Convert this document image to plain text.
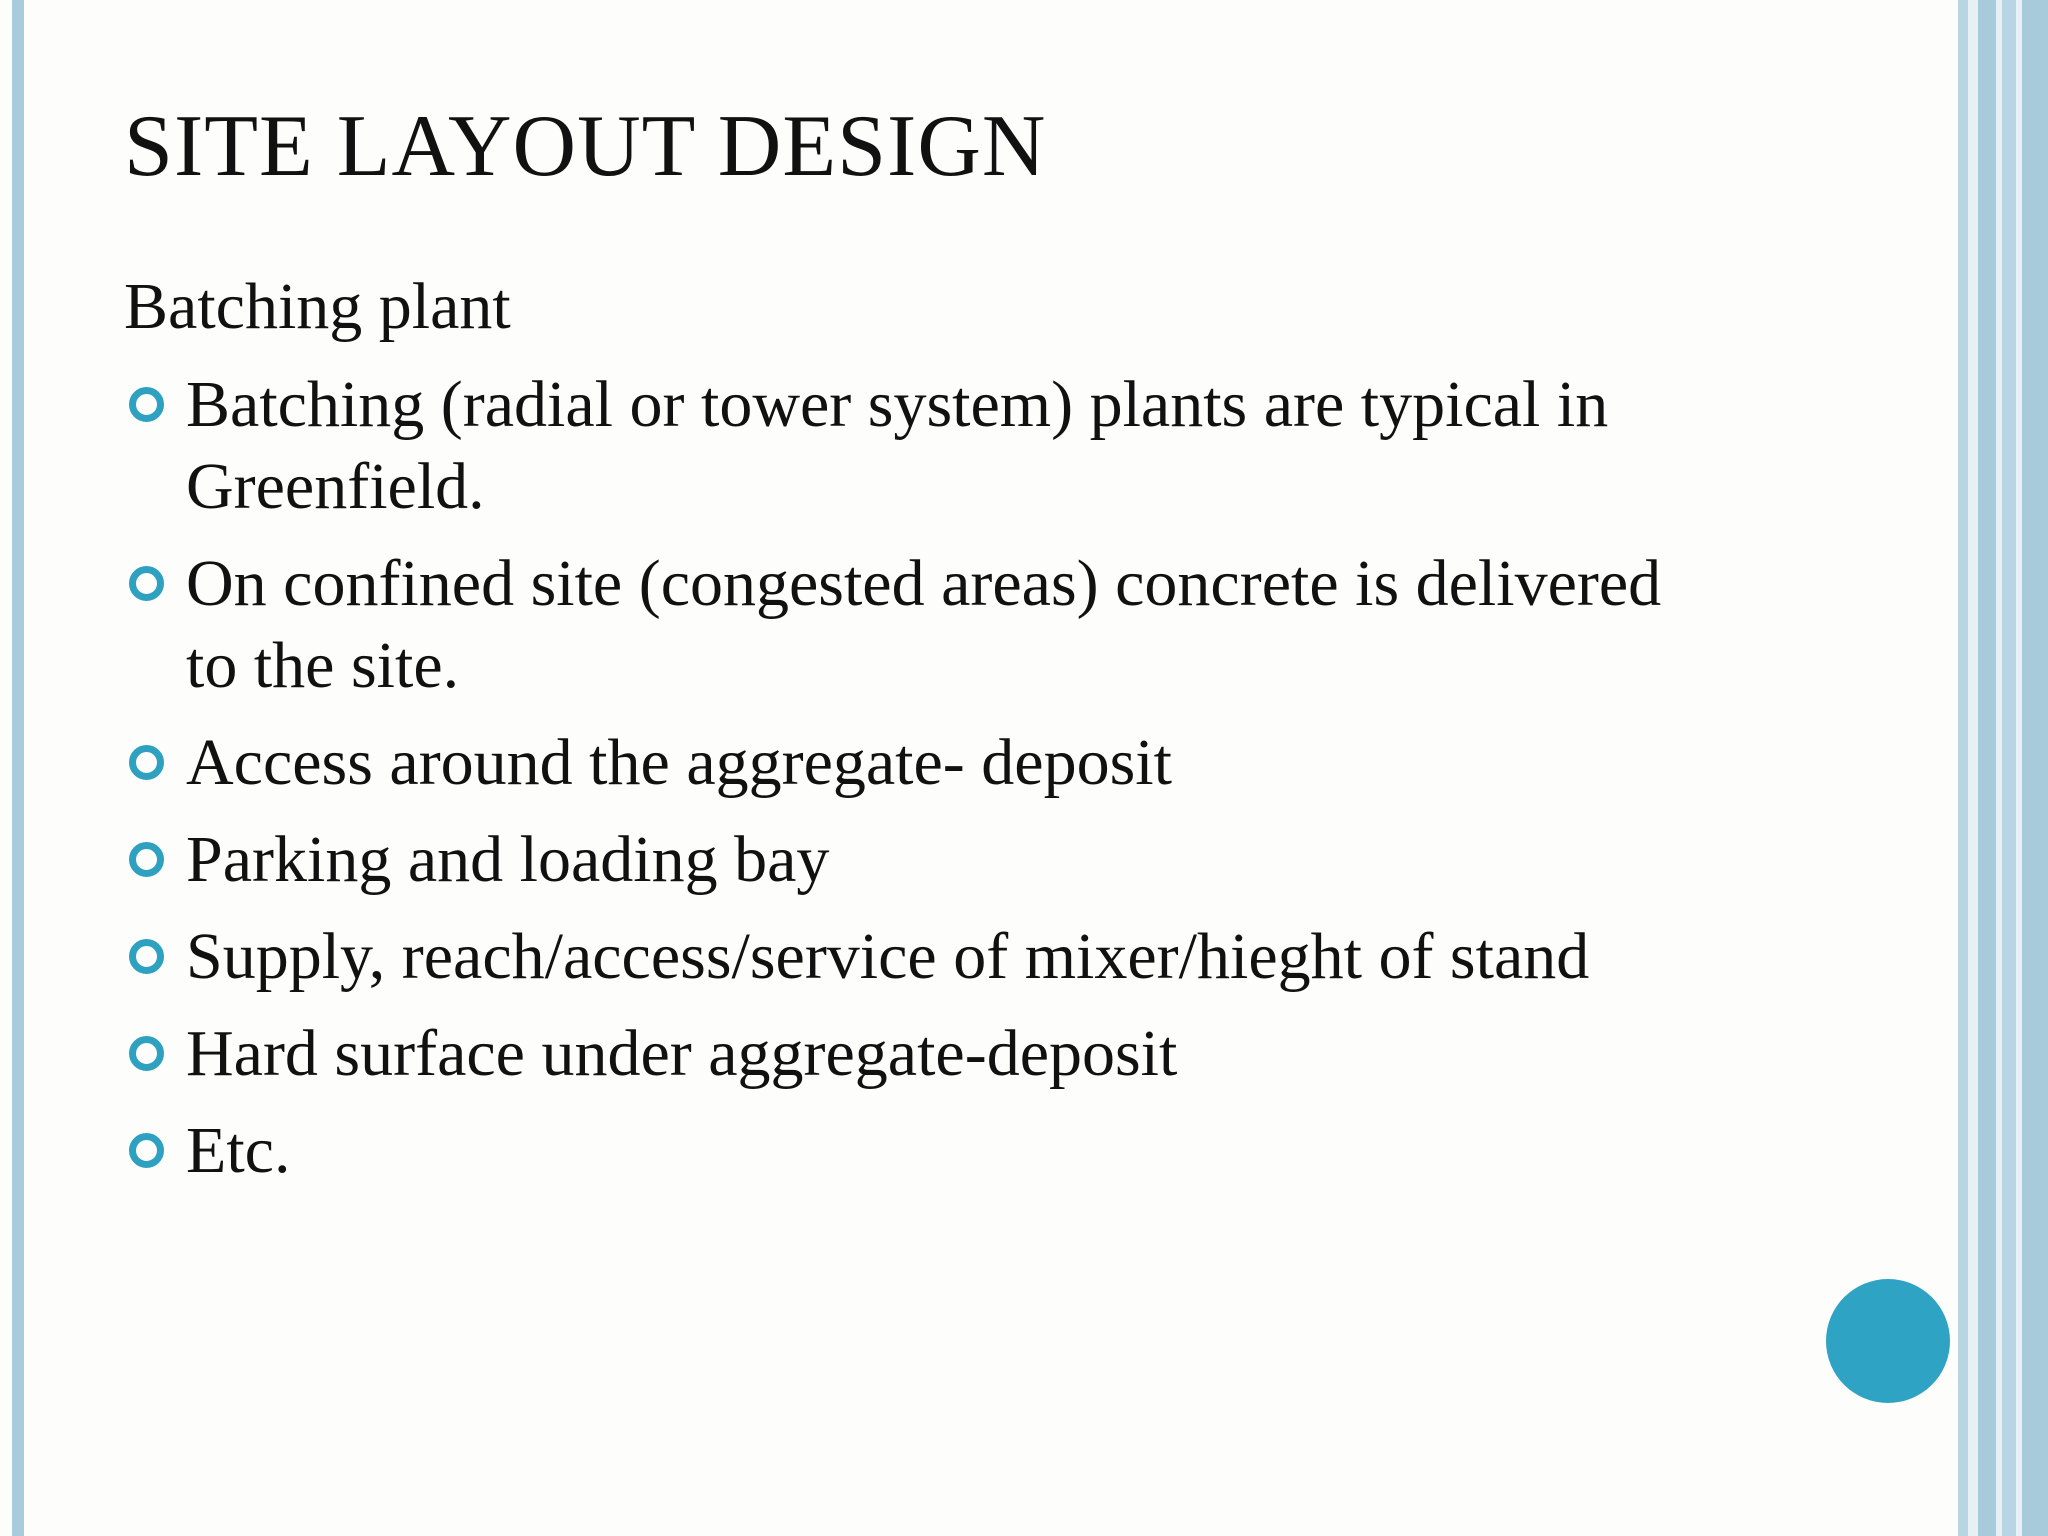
SITE LAYOUT DESIGN

Batching plant

Batching (radial or tower system) plants are typical in Greenfield.
On confined site (congested areas) concrete is delivered to the site.
Access around the aggregate- deposit
Parking and loading bay
Supply, reach/access/service of mixer/hieght of stand
Hard surface under aggregate-deposit
Etc.
